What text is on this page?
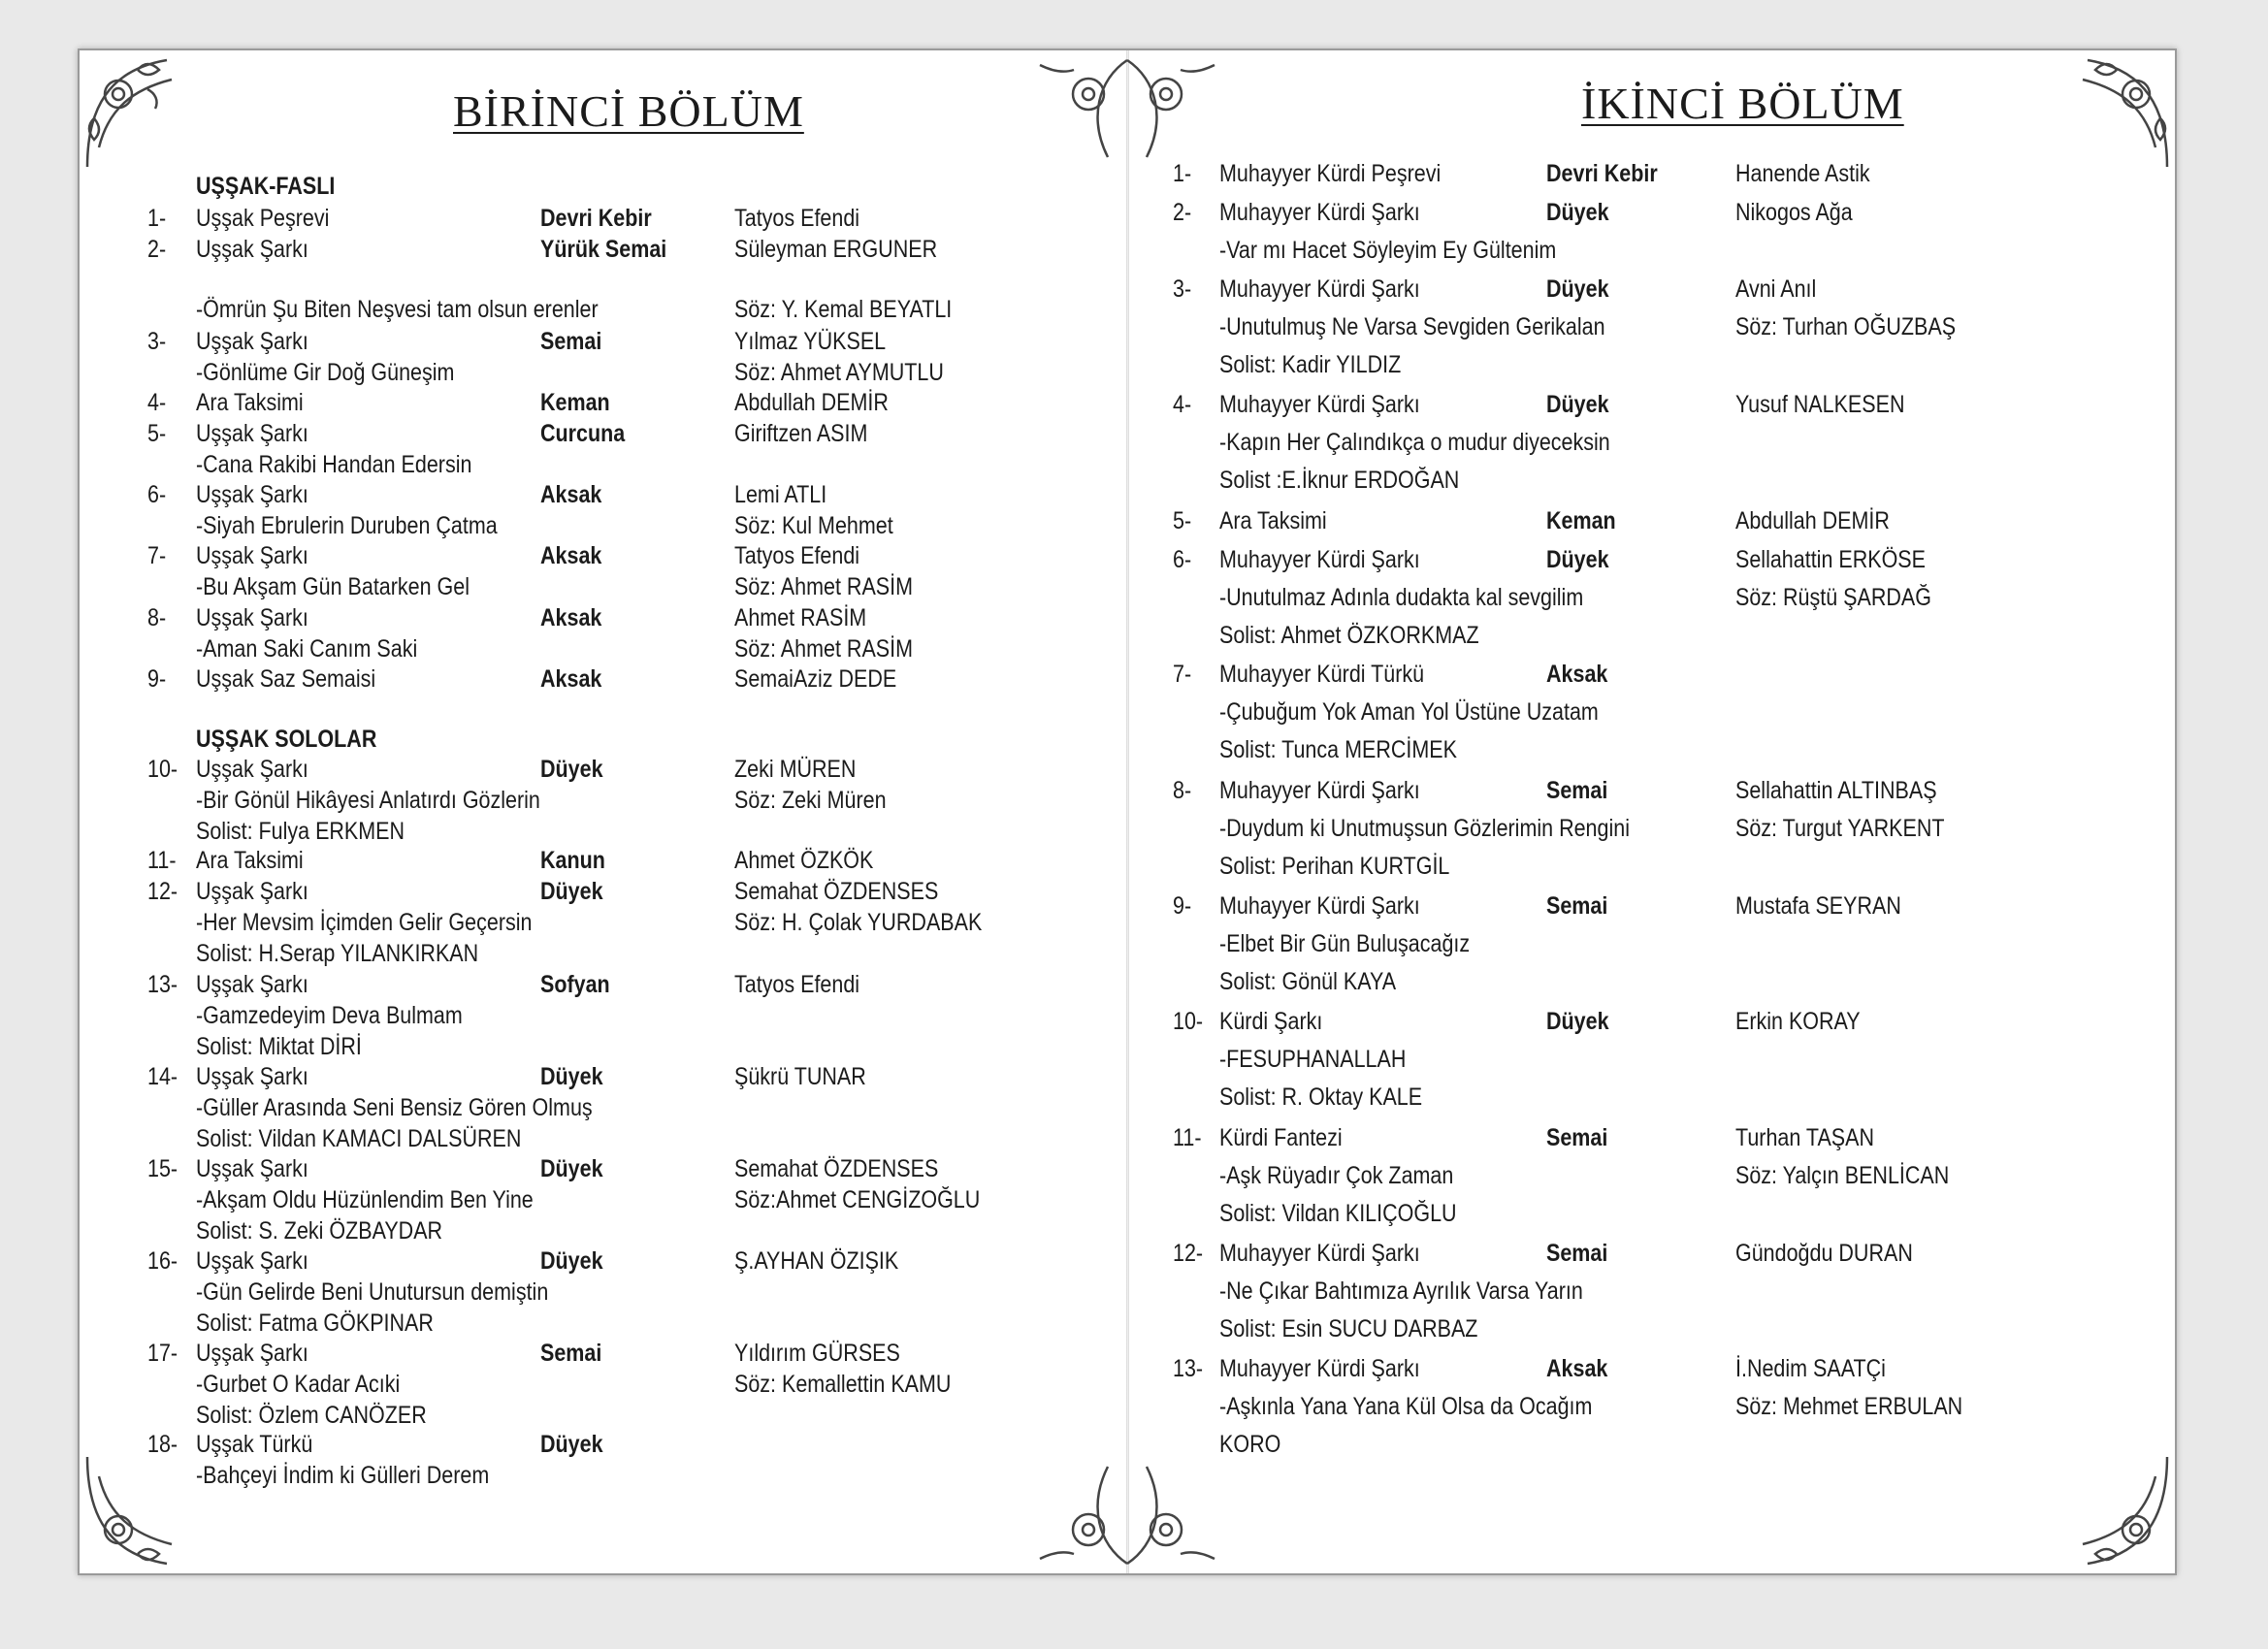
BİRİNCİ BÖLÜM
UŞŞAK-FASLI
UŞŞAK SOLOLAR
1- Uşşak Peşrevi	Devri Kebir	Tatyos Efendi
2- Uşşak Şarkı	Yürük Semai	Süleyman ERGUNER
Söz: Y. Kemal BEYATLI
-Ömrün Şu Biten Neşvesi tam olsun erenler
3- Uşşak Şarkı	Semai	Yılmaz YÜKSEL
Söz: Ahmet AYMUTLU
-Gönlüme Gir Doğ Güneşim
4- Ara Taksimi	Keman	Abdullah DEMİR
5- Uşşak Şarkı	Curcuna	Giriftzen ASIM
-Cana Rakibi Handan Edersin
6- Uşşak Şarkı	Aksak	Lemi ATLI
Söz: Kul Mehmet
-Siyah Ebrulerin Duruben Çatma
7- Uşşak Şarkı	Aksak	Tatyos Efendi
Söz: Ahmet RASİM
-Bu Akşam Gün Batarken Gel
8- Uşşak Şarkı	Aksak	Ahmet RASİM
Söz: Ahmet RASİM
-Aman Saki Canım Saki
9- Uşşak Saz Semaisi	Aksak	SemaiAziz DEDE
10- Uşşak Şarkı	Düyek	Zeki MÜREN
Söz: Zeki Müren
-Bir Gönül Hikâyesi Anlatırdı Gözlerin
Solist: Fulya ERKMEN
11- Ara Taksimi	Kanun	Ahmet ÖZKÖK
12- Uşşak Şarkı	Düyek	Semahat ÖZDENSES
Söz: H. Çolak YURDABAK
-Her Mevsim İçimden Gelir Geçersin
Solist: H.Serap YILANKIRKAN
13- Uşşak Şarkı	Sofyan	Tatyos Efendi
-Gamzedeyim Deva Bulmam
Solist: Miktat DİRİ
14- Uşşak Şarkı	Düyek	Şükrü TUNAR
-Güller Arasında Seni Bensiz Gören Olmuş
Solist: Vildan KAMACI DALSÜREN
15- Uşşak Şarkı	Düyek	Semahat ÖZDENSES
Söz:Ahmet CENGİZOĞLU
-Akşam Oldu Hüzünlendim Ben Yine
Solist: S. Zeki ÖZBAYDAR
16- Uşşak Şarkı	Düyek	Ş.AYHAN ÖZIŞIK
-Gün Gelirde Beni Unutursun demiştin
Solist: Fatma GÖKPINAR
17- Uşşak Şarkı	Semai	Yıldırım GÜRSES
Söz: Kemallettin KAMU
-Gurbet O Kadar Acıki
Solist: Özlem CANÖZER
18- Uşşak Türkü	Düyek
-Bahçeyi İndim ki Gülleri Derem
İKİNCİ BÖLÜM
1- Muhayyer Kürdi Peşrevi	Devri Kebir	Hanende Astik
2- Muhayyer Kürdi Şarkı	Düyek	Nikogos Ağa
-Var mı Hacet Söyleyim Ey Gültenim
3- Muhayyer Kürdi Şarkı	Düyek	Avni Anıl
Söz: Turhan OĞUZBAŞ
-Unutulmuş Ne Varsa Sevgiden Gerikalan
Solist: Kadir YILDIZ
4- Muhayyer Kürdi Şarkı	Düyek	Yusuf NALKESEN
-Kapın Her Çalındıkça o mudur diyeceksin
Solist :E.İknur ERDOĞAN
5- Ara Taksimi	Keman	Abdullah DEMİR
6- Muhayyer Kürdi Şarkı	Düyek	Sellahattin ERKÖSE
Söz: Rüştü ŞARDAĞ
-Unutulmaz Adınla dudakta kal sevgilim
Solist: Ahmet ÖZKORKMAZ
7- Muhayyer Kürdi Türkü	Aksak
-Çubuğum Yok Aman Yol Üstüne Uzatam
Solist: Tunca MERCİMEK
8- Muhayyer Kürdi Şarkı	Semai	Sellahattin ALTINBAŞ
Söz: Turgut YARKENT
-Duydum ki Unutmuşsun Gözlerimin Rengini
Solist: Perihan KURTGİL
9- Muhayyer Kürdi Şarkı	Semai	Mustafa SEYRAN
-Elbet Bir Gün Buluşacağız
Solist: Gönül KAYA
10- Kürdi Şarkı	Düyek	Erkin KORAY
-FESUPHANALLAH
Solist: R. Oktay KALE
11- Kürdi Fantezi	Semai	Turhan TAŞAN
Söz: Yalçın BENLİCAN
-Aşk Rüyadır Çok Zaman
Solist: Vildan KILIÇOĞLU
12- Muhayyer Kürdi Şarkı	Semai	Gündoğdu DURAN
-Ne Çıkar Bahtımıza Ayrılık Varsa Yarın
Solist: Esin SUCU DARBAZ
13- Muhayyer Kürdi Şarkı	Aksak	İ.Nedim SAATÇi
Söz: Mehmet ERBULAN
-Aşkınla Yana Yana Kül Olsa da Ocağım
KORO
